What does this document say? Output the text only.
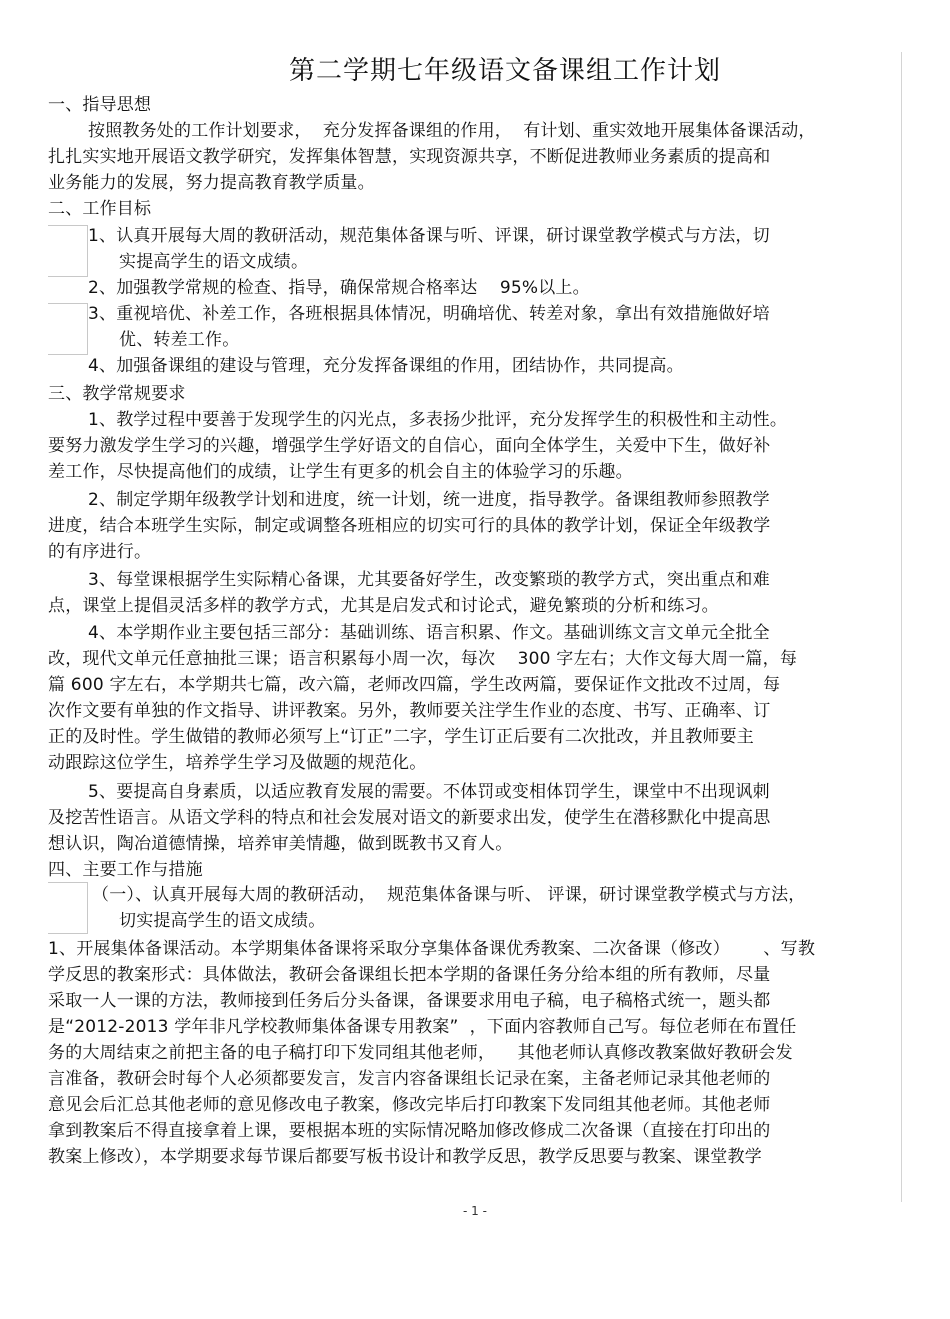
第二学期七年级语文备课组工作计划
一、指导思想
按照教务处的工作计划要求，  充分发挥备课组的作用，  有计划、重实效地开展集体备课活动，
扎扎实实地开展语文教学研究，发挥集体智慧，实现资源共享，不断促进教师业务素质的提高和
业务能力的发展，努力提高教育教学质量。
二、工作目标
1、认真开展每大周的教研活动，规范集体备课与听、评课，研讨课堂教学模式与方法，切
实提高学生的语文成绩。
2、加强教学常规的检查、指导，确保常规合格率达    95%以上。
3、重视培优、补差工作，各班根据具体情况，明确培优、转差对象，拿出有效措施做好培
优、转差工作。
4、加强备课组的建设与管理，充分发挥备课组的作用，团结协作，共同提高。
三、教学常规要求
1、教学过程中要善于发现学生的闪光点，多表扬少批评，充分发挥学生的积极性和主动性。
要努力激发学生学习的兴趣，增强学生学好语文的自信心，面向全体学生，关爱中下生，做好补
差工作，尽快提高他们的成绩，让学生有更多的机会自主的体验学习的乐趣。
2、制定学期年级教学计划和进度，统一计划，统一进度，指导教学。备课组教师参照教学
进度，结合本班学生实际，制定或调整各班相应的切实可行的具体的教学计划，保证全年级教学
的有序进行。
3、每堂课根据学生实际精心备课，尤其要备好学生，改变繁琐的教学方式，突出重点和难
点，课堂上提倡灵活多样的教学方式，尤其是启发式和讨论式，避免繁琐的分析和练习。
4、本学期作业主要包括三部分：基础训练、语言积累、作文。基础训练文言文单元全批全
改，现代文单元任意抽批三课；语言积累每小周一次，每次    300 字左右；大作文每大周一篇，每
篇 600 字左右，本学期共七篇，改六篇，老师改四篇，学生改两篇，要保证作文批改不过周，每
次作文要有单独的作文指导、讲评教案。另外，教师要关注学生作业的态度、书写、正确率、订
正的及时性。学生做错的教师必须写上“订正”二字，学生订正后要有二次批改，并且教师要主
动跟踪这位学生，培养学生学习及做题的规范化。
5、要提高自身素质，以适应教育发展的需要。不体罚或变相体罚学生，课堂中不出现讽刺
及挖苦性语言。从语文学科的特点和社会发展对语文的新要求出发，使学生在潜移默化中提高思
想认识，陶冶道德情操，培养审美情趣，做到既教书又育人。
四、主要工作与措施
（一）、认真开展每大周的教研活动，  规范集体备课与听、 评课，研讨课堂教学模式与方法，
切实提高学生的语文成绩。
1、开展集体备课活动。本学期集体备课将采取分享集体备课优秀教案、二次备课（修改）      、写教
学反思的教案形式：具体做法，教研会备课组长把本学期的备课任务分给本组的所有教师，尽量
采取一人一课的方法，教师接到任务后分头备课，备课要求用电子稿，电子稿格式统一，题头都
是“2012-2013 学年非凡学校教师集体备课专用教案”  ，下面内容教师自己写。每位老师在布置任
务的大周结束之前把主备的电子稿打印下发同组其他老师，    其他老师认真修改教案做好教研会发
言准备，教研会时每个人必须都要发言，发言内容备课组长记录在案，主备老师记录其他老师的
意见会后汇总其他老师的意见修改电子教案，修改完毕后打印教案下发同组其他老师。其他老师
拿到教案后不得直接拿着上课，要根据本班的实际情况略加修改修成二次备课（直接在打印出的
教案上修改），本学期要求每节课后都要写板书设计和教学反思，教学反思要与教案、课堂教学
- 1 -
